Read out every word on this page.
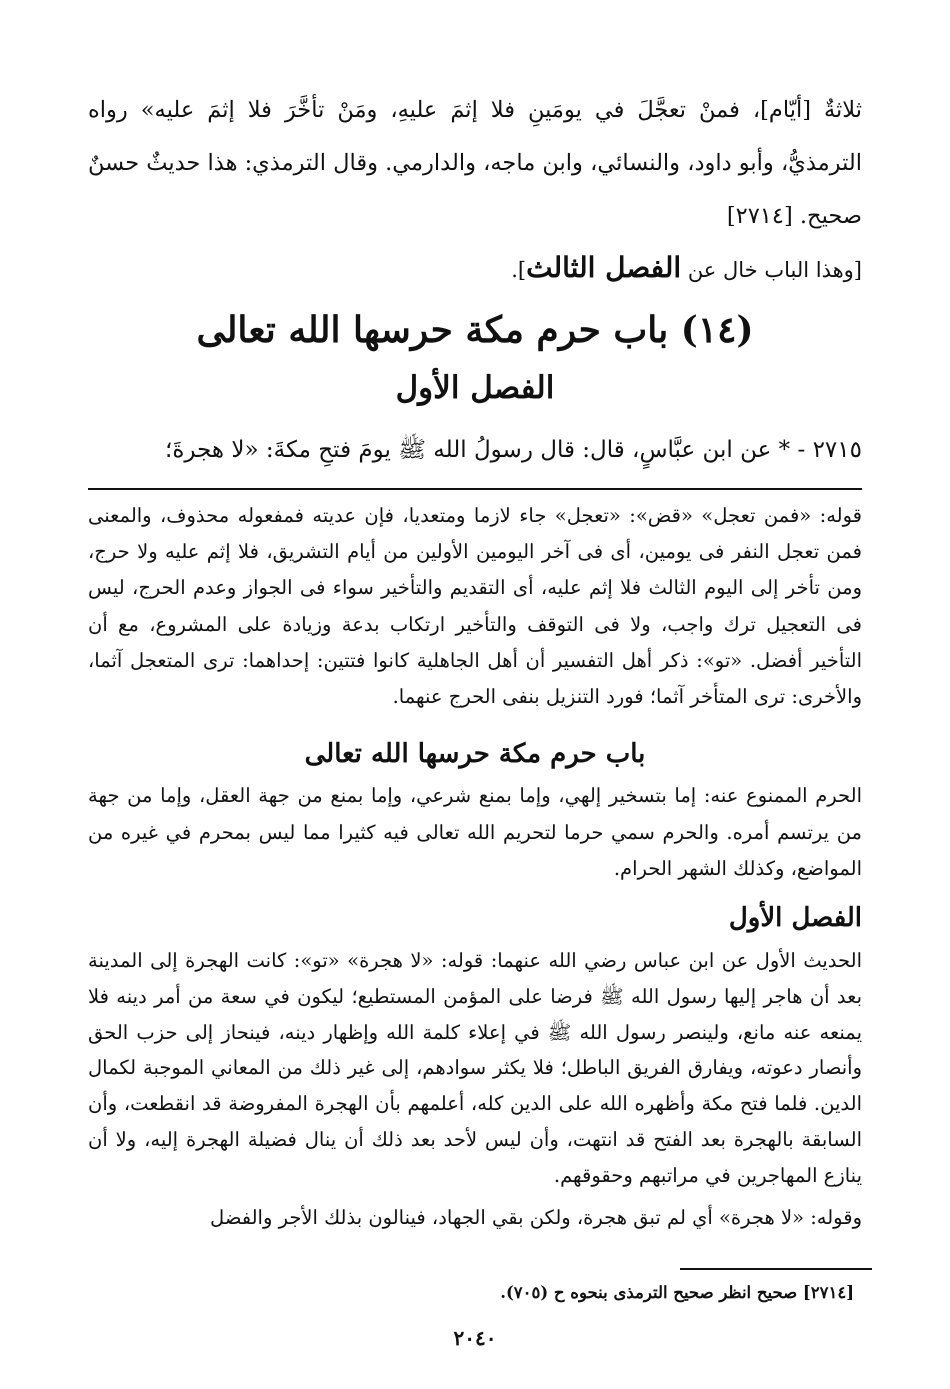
ثلاثةٌ [أيّام]، فمنْ تعجَّلَ في يومَينِ فلا إثمَ عليهِ، ومَنْ تأخَّرَ فلا إثمَ عليه» رواه الترمذيُّ، وأبو داود، والنسائي، وابن ماجه، والدارمي. وقال الترمذي: هذا حديثٌ حسنٌ صحيح. [٢٧١٤]

[وهذا الباب خال عن الفصل الثالث].
(١٤) باب حرم مكة حرسها الله تعالى
الفصل الأول
٢٧١٥ - * عن ابن عبَّاسٍ، قال: قال رسولُ الله ﷺ يومَ فتحِ مكةَ: «لا هجرةَ؛

قوله: «فمن تعجل» «قض»: «تعجل» جاء لازما ومتعديا، فإن عديته فمفعوله محذوف، والمعنى فمن تعجل النفر فى يومين، أى فى آخر اليومين الأولين من أيام التشريق، فلا إثم عليه ولا حرج، ومن تأخر إلى اليوم الثالث فلا إثم عليه، أى التقديم والتأخير سواء فى الجواز وعدم الحرج، ليس فى التعجيل ترك واجب، ولا فى التوقف والتأخير ارتكاب بدعة وزيادة على المشروع، مع أن التأخير أفضل. «تو»: ذكر أهل التفسير أن أهل الجاهلية كانوا فتتين: إحداهما: ترى المتعجل آثما، والأخرى: ترى المتأخر آثما؛ فورد التنزيل بنفى الحرج عنهما.

باب حرم مكة حرسها الله تعالى

الحرم الممنوع عنه: إما بتسخير إلهي، وإما بمنع شرعي، وإما بمنع من جهة العقل، وإما من جهة من يرتسم أمره. والحرم سمي حرما لتحريم الله تعالى فيه كثيرا مما ليس بمحرم في غيره من المواضع، وكذلك الشهر الحرام.

الفصل الأول

الحديث الأول عن ابن عباس رضي الله عنهما: قوله: «لا هجرة» «تو»: كانت الهجرة إلى المدينة بعد أن هاجر إليها رسول الله ﷺ فرضا على المؤمن المستطيع؛ ليكون في سعة من أمر دينه فلا يمنعه عنه مانع، ولينصر رسول الله ﷺ في إعلاء كلمة الله وإظهار دينه، فينحاز إلى حزب الحق وأنصار دعوته، ويفارق الفريق الباطل؛ فلا يكثر سوادهم، إلى غير ذلك من المعاني الموجبة لكمال الدين. فلما فتح مكة وأظهره الله على الدين كله، أعلمهم بأن الهجرة المفروضة قد انقطعت، وأن السابقة بالهجرة بعد الفتح قد انتهت، وأن ليس لأحد بعد ذلك أن ينال فضيلة الهجرة إليه، ولا أن ينازع المهاجرين في مراتبهم وحقوقهم.

وقوله: «لا هجرة» أي لم تبق هجرة، ولكن بقي الجهاد، فينالون بذلك الأجر والفضل

[٢٧١٤] صحيح انظر صحيح الترمذى بنحوه ح (٧٠٥).
٢٠٤٠
